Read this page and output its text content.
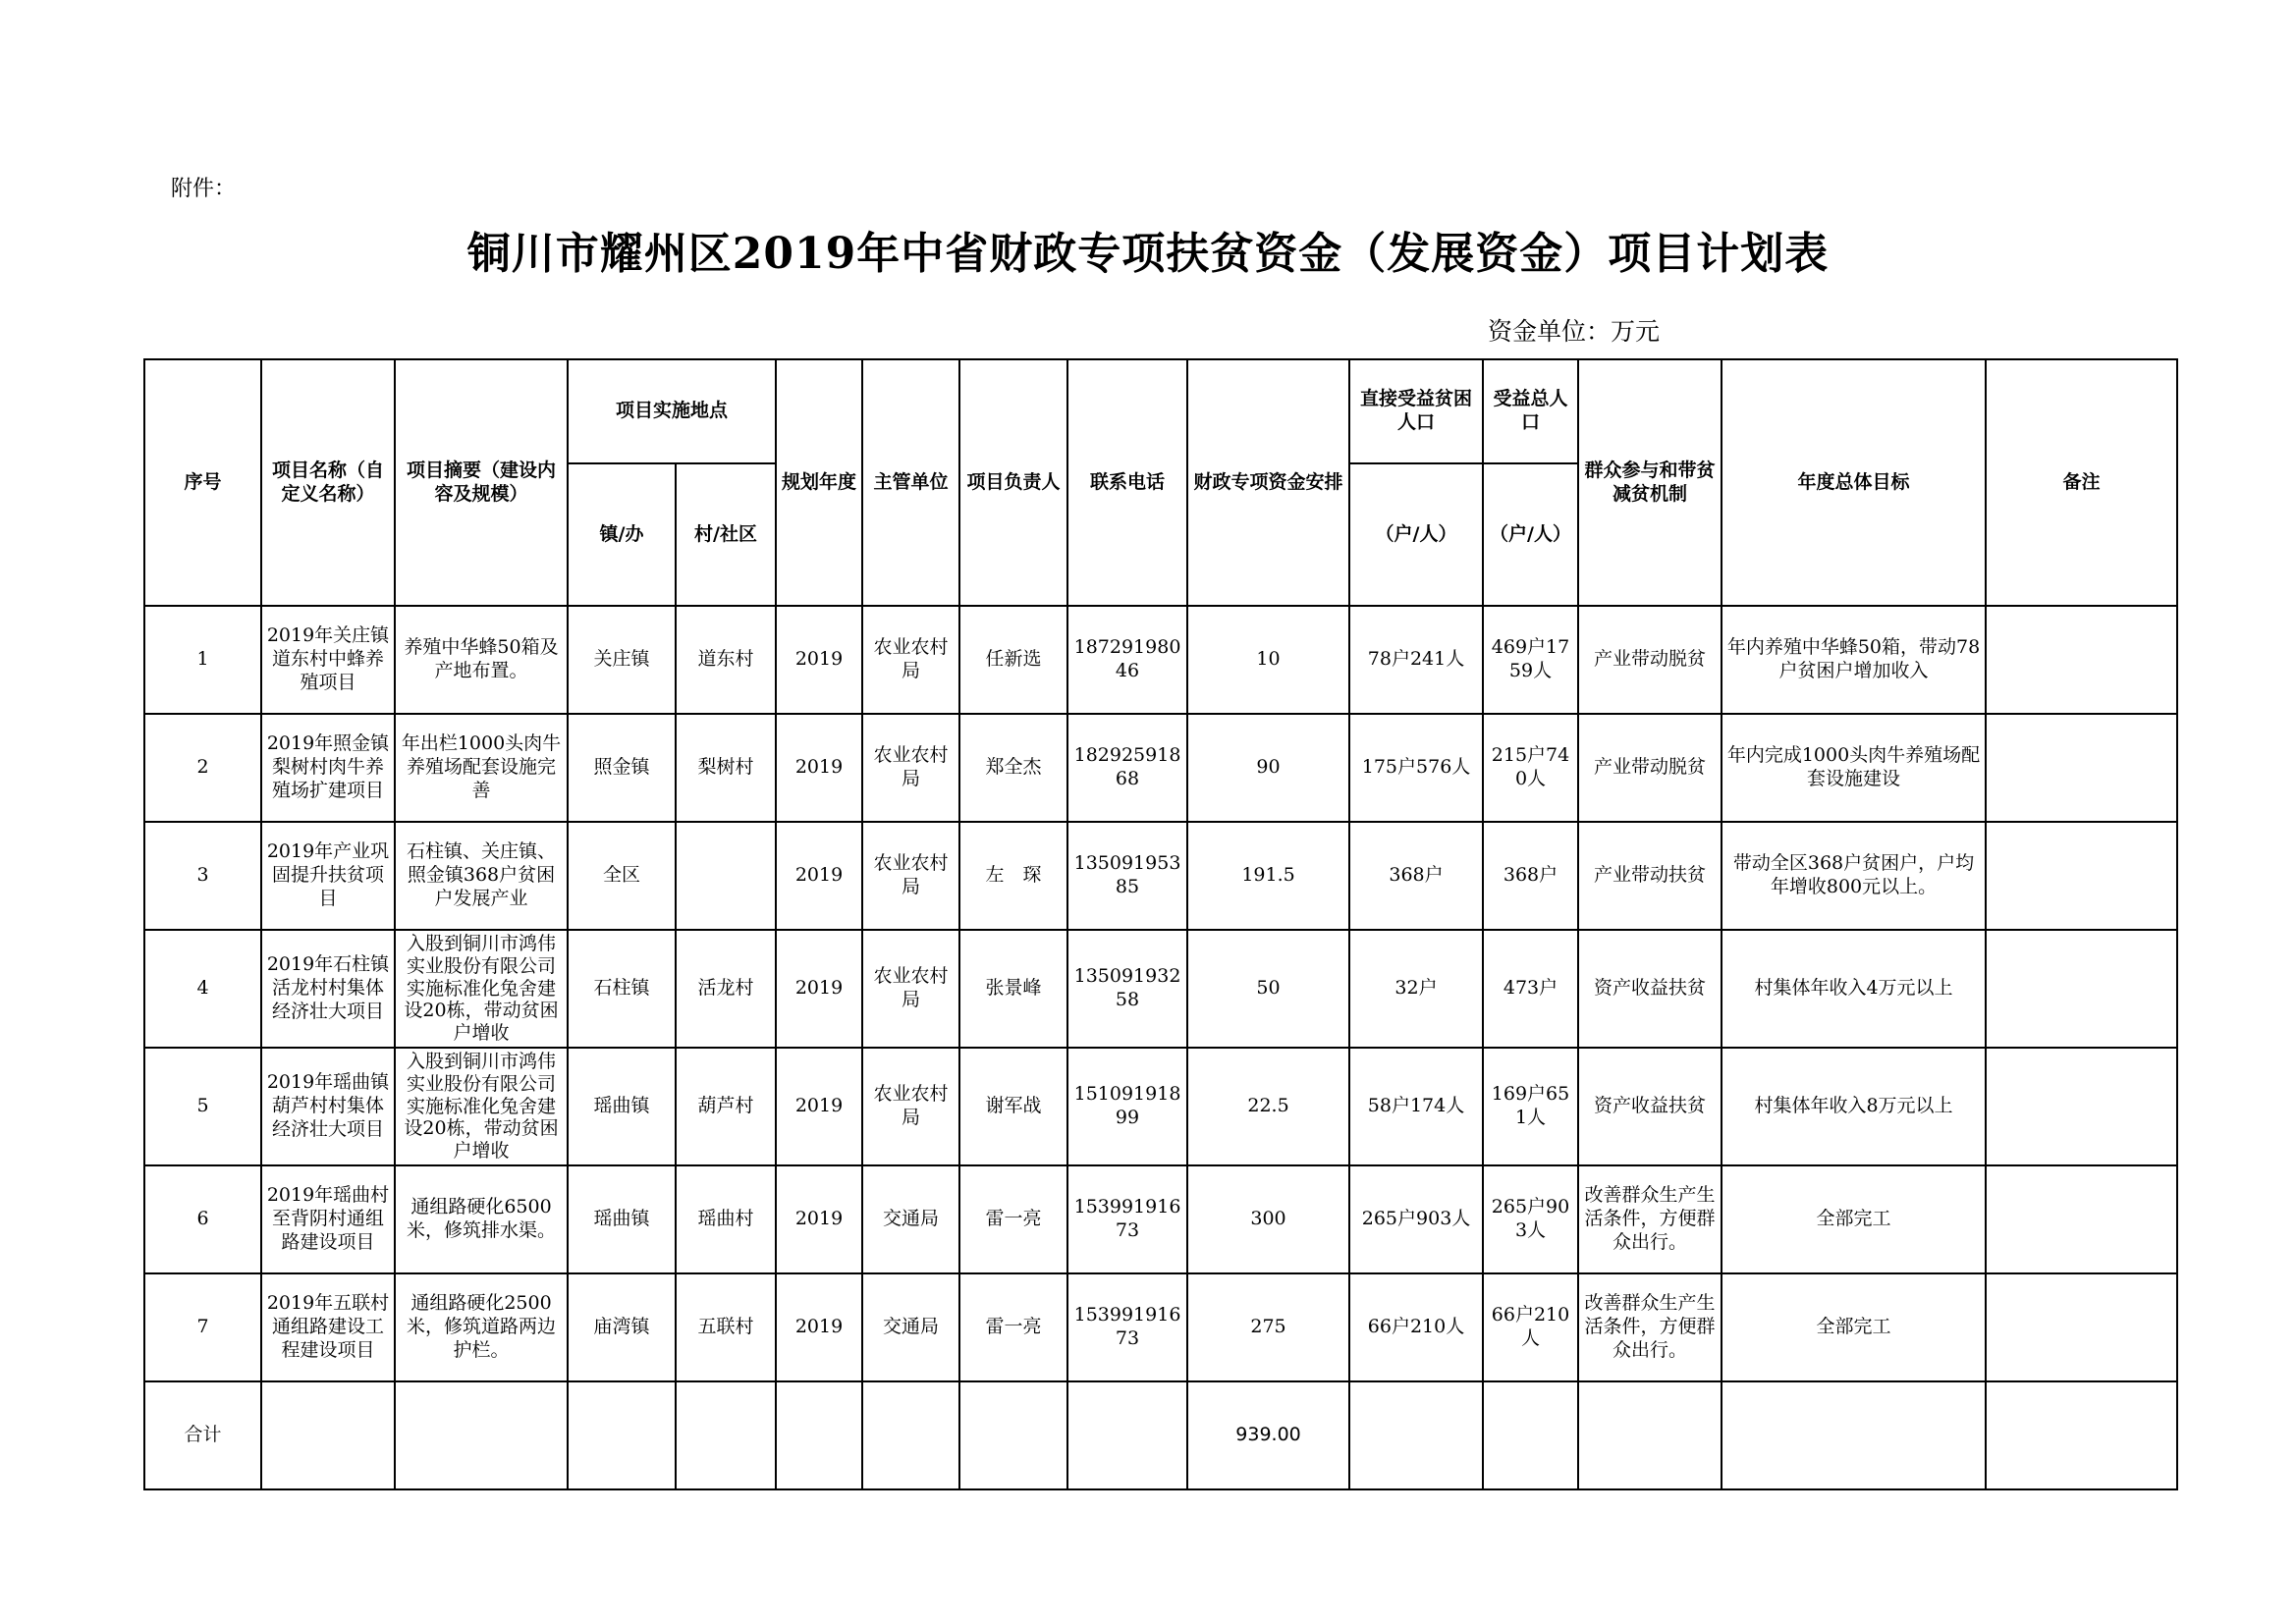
附件：
铜川市耀州区2019年中省财政专项扶贫资金（发展资金）项目计划表
资金单位：万元
序号	项目名称（自定义名称）	项目摘要（建设内容及规模）	项目实施地点		规划年度	主管单位	项目负责人	联系电话	财政专项资金安排	直接受益贫困人口	受益总人口	群众参与和带贫减贫机制	年度总体目标	备注
			镇/办	村/社区						（户/人）	（户/人）			
1	2019年关庄镇道东村中蜂养殖项目	养殖中华蜂50箱及产地布置。	关庄镇	道东村	2019	农业农村局	任新选	18729198046	10	78户241人	469户1759人	产业带动脱贫	年内养殖中华蜂50箱，带动78户贫困户增加收入	
2	2019年照金镇梨树村肉牛养殖场扩建项目	年出栏1000头肉牛养殖场配套设施完善	照金镇	梨树村	2019	农业农村局	郑全杰	18292591868	90	175户576人	215户740人	产业带动脱贫	年内完成1000头肉牛养殖场配套设施建设	
3	2019年产业巩固提升扶贫项目	石柱镇、关庄镇、照金镇368户贫困户发展产业	全区		2019	农业农村局	左　琛	13509195385	191.5	368户	368户	产业带动扶贫	带动全区368户贫困户，户均年增收800元以上。	
4	2019年石柱镇活龙村村集体经济壮大项目	入股到铜川市鸿伟实业股份有限公司实施标准化兔舍建设20栋，带动贫困户增收	石柱镇	活龙村	2019	农业农村局	张景峰	13509193258	50	32户	473户	资产收益扶贫	村集体年收入4万元以上	
5	2019年瑶曲镇葫芦村村集体经济壮大项目	入股到铜川市鸿伟实业股份有限公司实施标准化兔舍建设20栋，带动贫困户增收	瑶曲镇	葫芦村	2019	农业农村局	谢军战	15109191899	22.5	58户174人	169户651人	资产收益扶贫	村集体年收入8万元以上	
6	2019年瑶曲村至背阴村通组路建设项目	通组路硬化6500米，修筑排水渠。	瑶曲镇	瑶曲村	2019	交通局	雷一亮	15399191673	300	265户903人	265户903人	改善群众生产生活条件，方便群众出行。	全部完工	
7	2019年五联村通组路建设工程建设项目	通组路硬化2500米，修筑道路两边护栏。	庙湾镇	五联村	2019	交通局	雷一亮	15399191673	275	66户210人	66户210人	改善群众生产生活条件，方便群众出行。	全部完工	
合计									939.00					
